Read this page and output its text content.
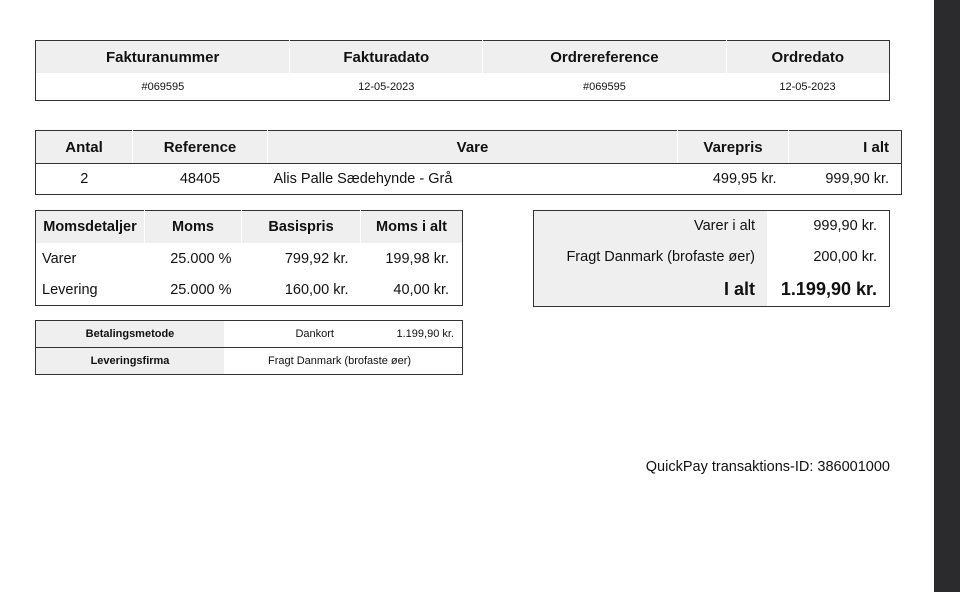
Fakturanummer	Fakturadato	Ordrereference	Ordredato
#069595	12-05-2023	#069595	12-05-2023
Antal	Reference	Vare	Varepris	I alt
2	48405	Alis Palle Sædehynde - Grå	499,95 kr.	999,90 kr.
Momsdetaljer	Moms	Basispris	Moms i alt
Varer	25.000 %	799,92 kr.	199,98 kr.
Levering	25.000 %	160,00 kr.	40,00 kr.
Varer i alt	999,90 kr.
Fragt Danmark (brofaste øer)	200,00 kr.
I alt	1.199,90 kr.
Betalingsmetode	Dankort	1.199,90 kr.
Leveringsfirma	Fragt Danmark (brofaste øer)	
QuickPay transaktions-ID: 386001000
